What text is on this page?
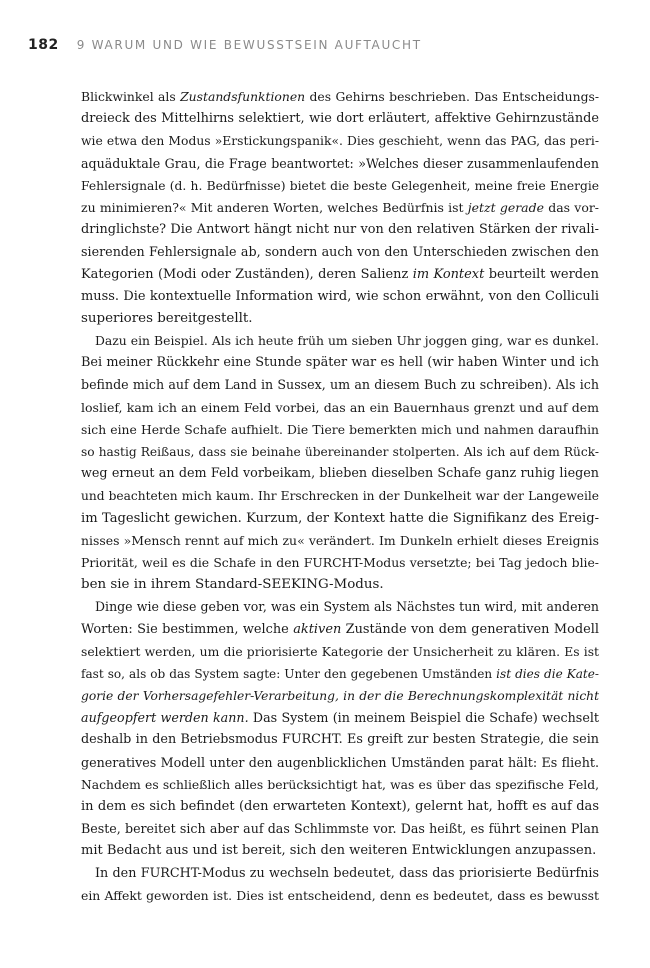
182 9 WARUM UND WIE BEWUSSTSEIN AUFTAUCHT
Blickwinkel als Zustandsfunktionen des Gehirns beschrieben. Das Entscheidungs-
dreieck des Mittelhirns selektiert, wie dort erläutert, affektive Gehirnzustände
wie etwa den Modus »Erstickungspanik«. Dies geschieht, wenn das PAG, das peri-
aquäduktale Grau, die Frage beantwortet: »Welches dieser zusammenlaufenden
Fehlersignale (d. h. Bedürfnisse) bietet die beste Gelegenheit, meine freie Energie
zu minimieren?« Mit anderen Worten, welches Bedürfnis ist jetzt gerade das vor-
dringlichste? Die Antwort hängt nicht nur von den relativen Stärken der rivali-
sierenden Fehlersignale ab, sondern auch von den Unterschieden zwischen den
Kategorien (Modi oder Zuständen), deren Salienz im Kontext beurteilt werden
muss. Die kontextuelle Information wird, wie schon erwähnt, von den Colliculi
superiores bereitgestellt.
Dazu ein Beispiel. Als ich heute früh um sieben Uhr joggen ging, war es dunkel.
Bei meiner Rückkehr eine Stunde später war es hell (wir haben Winter und ich
befinde mich auf dem Land in Sussex, um an diesem Buch zu schreiben). Als ich
loslief, kam ich an einem Feld vorbei, das an ein Bauernhaus grenzt und auf dem
sich eine Herde Schafe aufhielt. Die Tiere bemerkten mich und nahmen daraufhin
so hastig Reißaus, dass sie beinahe übereinander stolperten. Als ich auf dem Rück-
weg erneut an dem Feld vorbeikam, blieben dieselben Schafe ganz ruhig liegen
und beachteten mich kaum. Ihr Erschrecken in der Dunkelheit war der Langeweile
im Tageslicht gewichen. Kurzum, der Kontext hatte die Signifikanz des Ereig-
nisses »Mensch rennt auf mich zu« verändert. Im Dunkeln erhielt dieses Ereignis
Priorität, weil es die Schafe in den FURCHT-Modus versetzte; bei Tag jedoch blie-
ben sie in ihrem Standard-SEEKING-Modus.
Dinge wie diese geben vor, was ein System als Nächstes tun wird, mit anderen
Worten: Sie bestimmen, welche aktiven Zustände von dem generativen Modell
selektiert werden, um die priorisierte Kategorie der Unsicherheit zu klären. Es ist
fast so, als ob das System sagte: Unter den gegebenen Umständen ist dies die Kate-
gorie der Vorhersagefehler-Verarbeitung, in der die Berechnungskomplexität nicht
aufgeopfert werden kann. Das System (in meinem Beispiel die Schafe) wechselt
deshalb in den Betriebsmodus FURCHT. Es greift zur besten Strategie, die sein
generatives Modell unter den augenblicklichen Umständen parat hält: Es flieht.
Nachdem es schließlich alles berücksichtigt hat, was es über das spezifische Feld,
in dem es sich befindet (den erwarteten Kontext), gelernt hat, hofft es auf das
Beste, bereitet sich aber auf das Schlimmste vor. Das heißt, es führt seinen Plan
mit Bedacht aus und ist bereit, sich den weiteren Entwicklungen anzupassen.
In den FURCHT-Modus zu wechseln bedeutet, dass das priorisierte Bedürfnis
ein Affekt geworden ist. Dies ist entscheidend, denn es bedeutet, dass es bewusst
